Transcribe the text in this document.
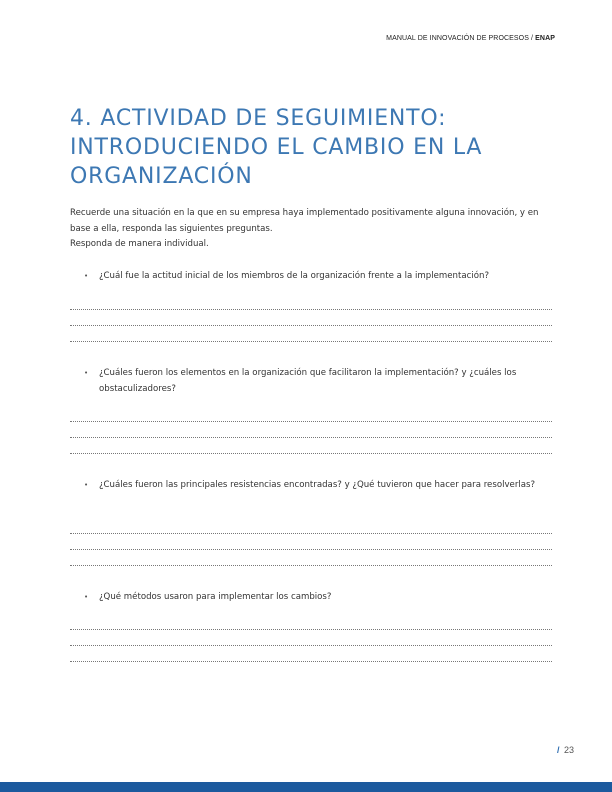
MANUAL DE INNOVACIÓN DE PROCESOS / ENAP
4. ACTIVIDAD DE SEGUIMIENTO:
INTRODUCIENDO EL CAMBIO EN LA
ORGANIZACIÓN

Recuerde una situación en la que en su empresa haya implementado positivamente alguna innovación, y en base a ella, responda las siguientes preguntas.

Responda de manera individual.

•	¿Cuál fue la actitud inicial de los miembros de la organización frente a la implementación?
•	¿Cuáles fueron los elementos en la organización que facilitaron la implementación? y ¿cuáles los obstaculizadores?
•	¿Cuáles fueron las principales resistencias encontradas? y ¿Qué tuvieron que hacer para resolverlas?
•	¿Qué métodos usaron para implementar los cambios?
/ 23
